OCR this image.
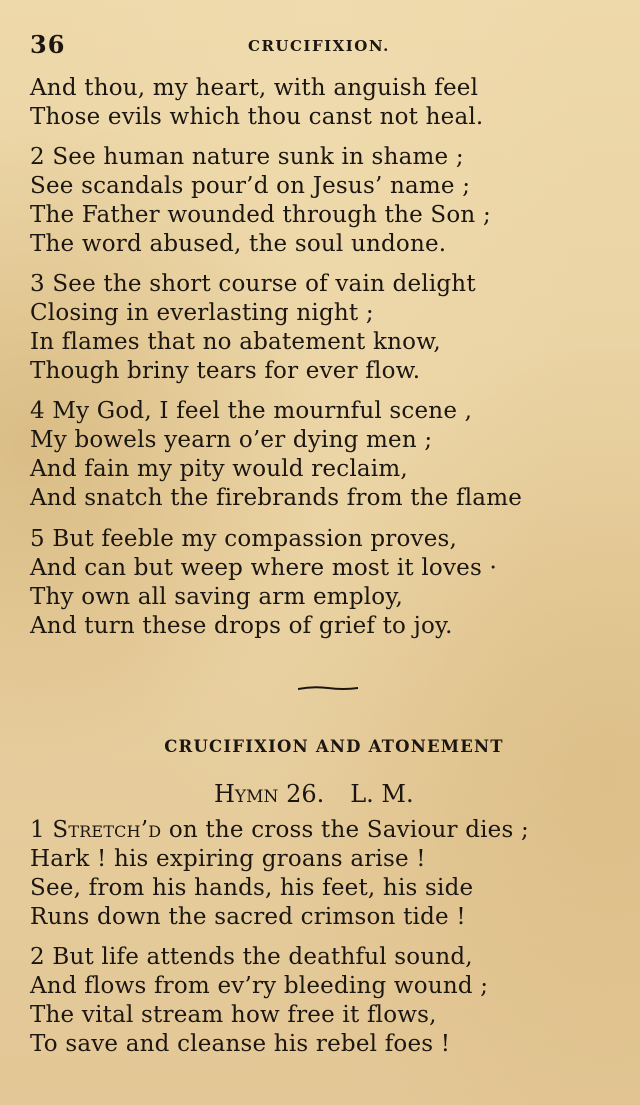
36	CRUCIFIXION.
And thou, my heart, with anguish feel
Those evils which thou canst not heal.
2 See human nature sunk in shame ;
See scandals pour’d on Jesus’ name ;
The Father wounded through the Son ;
The word abused, the soul undone.
3 See the short course of vain delight
Closing in everlasting night ;
In flames that no abatement know,
Though briny tears for ever flow.
4 My God, I feel the mournful scene ,
My bowels yearn o’er dying men ;
And fain my pity would reclaim,
And snatch the firebrands from the flame
5 But feeble my compassion proves,
And can but weep where most it loves ·
Thy own all saving arm employ,
And turn these drops of grief to joy.
CRUCIFIXION AND ATONEMENT
Hymn 26. L. M.
1 Stretch’d on the cross the Saviour dies ;
Hark ! his expiring groans arise !
See, from his hands, his feet, his side
Runs down the sacred crimson tide !
2 But life attends the deathful sound,
And flows from ev’ry bleeding wound ;
The vital stream how free it flows,
To save and cleanse his rebel foes !
